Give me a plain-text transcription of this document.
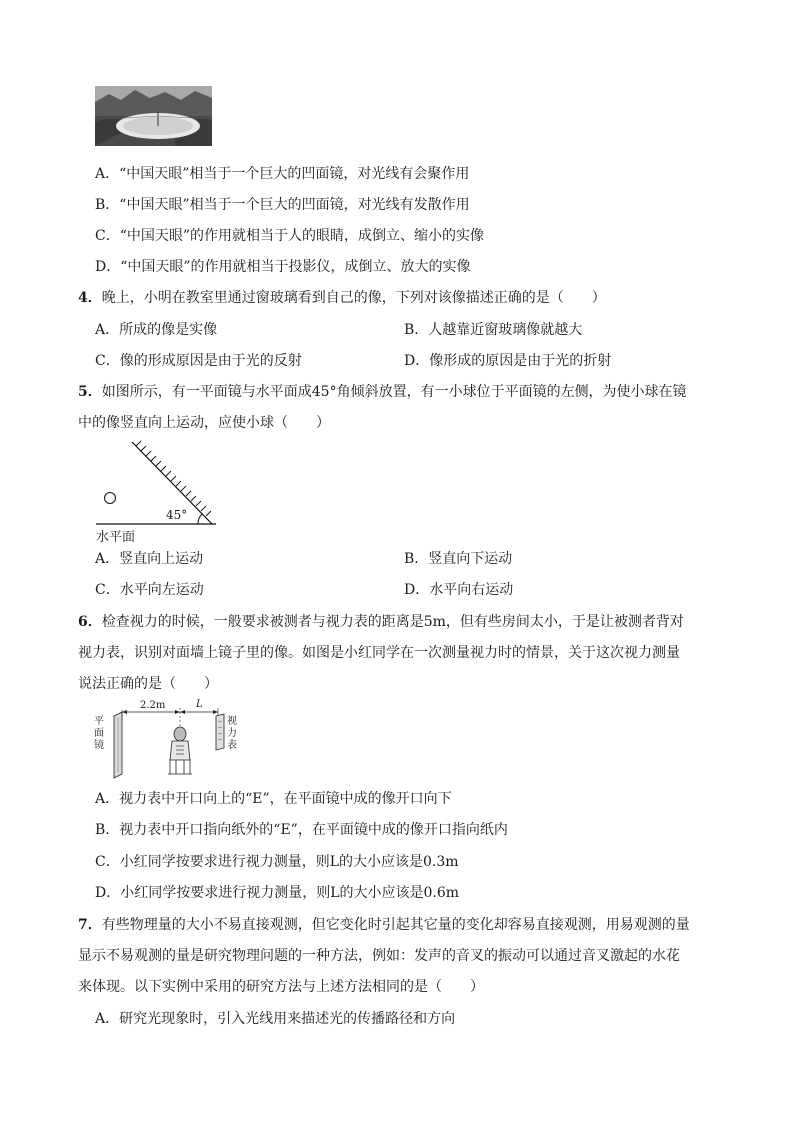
A．“中国天眼”相当于一个巨大的凹面镜，对光线有会聚作用
B．“中国天眼”相当于一个巨大的凹面镜，对光线有发散作用
C．“中国天眼”的作用就相当于人的眼睛，成倒立、缩小的实像
D．“中国天眼”的作用就相当于投影仪，成倒立、放大的实像
4．晚上，小明在教室里通过窗玻璃看到自己的像，下列对该像描述正确的是（　　）
A．所成的像是实像	B．人越靠近窗玻璃像就越大
C．像的形成原因是由于光的反射	D．像形成的原因是由于光的折射
5．如图所示，有一平面镜与水平面成45°角倾斜放置，有一小球位于平面镜的左侧，为使小球在镜
中的像竖直向上运动，应使小球（　　）
45°
水平面
A．竖直向上运动	B．竖直向下运动
C．水平向左运动	D．水平向右运动
6．检查视力的时候，一般要求被测者与视力表的距离是5m，但有些房间太小，于是让被测者背对
视力表，识别对面墙上镜子里的像。如图是小红同学在一次测量视力时的情景，关于这次视力测量
说法正确的是（　　）
平面镜
2.2m	L
视力表
A．视力表中开口向上的“E”，在平面镜中成的像开口向下
B．视力表中开口指向纸外的“E”，在平面镜中成的像开口指向纸内
C．小红同学按要求进行视力测量，则L的大小应该是0.3m
D．小红同学按要求进行视力测量，则L的大小应该是0.6m
7．有些物理量的大小不易直接观测，但它变化时引起其它量的变化却容易直接观测，用易观测的量
显示不易观测的量是研究物理问题的一种方法，例如：发声的音叉的振动可以通过音叉激起的水花
来体现。以下实例中采用的研究方法与上述方法相同的是（　　）
A．研究光现象时，引入光线用来描述光的传播路径和方向
